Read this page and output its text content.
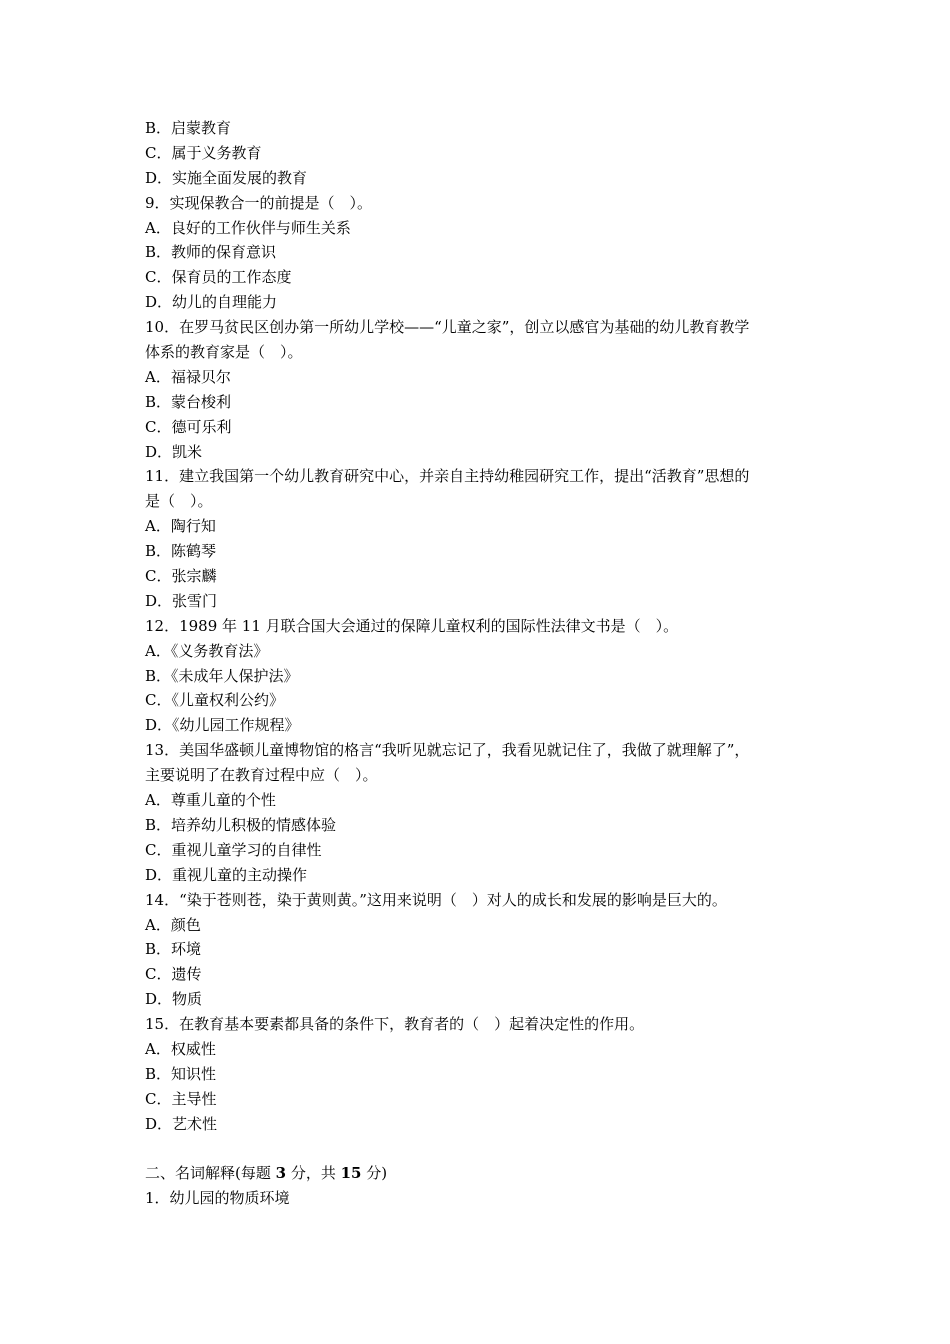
B．启蒙教育
C．属于义务教育
D．实施全面发展的教育
9．实现保教合一的前提是（　）。
A．良好的工作伙伴与师生关系
B．教师的保育意识
C．保育员的工作态度
D．幼儿的自理能力
10．在罗马贫民区创办第一所幼儿学校——“儿童之家”，创立以感官为基础的幼儿教育教学
体系的教育家是（　）。
A．福禄贝尔
B．蒙台梭利
C．德可乐利
D．凯米
11．建立我国第一个幼儿教育研究中心，并亲自主持幼稚园研究工作，提出“活教育”思想的
是（　）。
A．陶行知
B．陈鹤琴
C．张宗麟
D．张雪门
12．1989 年 11 月联合国大会通过的保障儿童权利的国际性法律文书是（　）。
A．《义务教育法》
B．《未成年人保护法》
C．《儿童权利公约》
D．《幼儿园工作规程》
13．美国华盛顿儿童博物馆的格言“我听见就忘记了，我看见就记住了，我做了就理解了”，
主要说明了在教育过程中应（　）。
A．尊重儿童的个性
B．培养幼儿积极的情感体验
C．重视儿童学习的自律性
D．重视儿童的主动操作
14．“染于苍则苍，染于黄则黄。”这用来说明（　）对人的成长和发展的影响是巨大的。
A．颜色
B．环境
C．遗传
D．物质
15．在教育基本要素都具备的条件下，教育者的（　）起着决定性的作用。
A．权威性
B．知识性
C．主导性
D．艺术性
二、名词解释(每题 3 分，共 15 分)
1．幼儿园的物质环境
